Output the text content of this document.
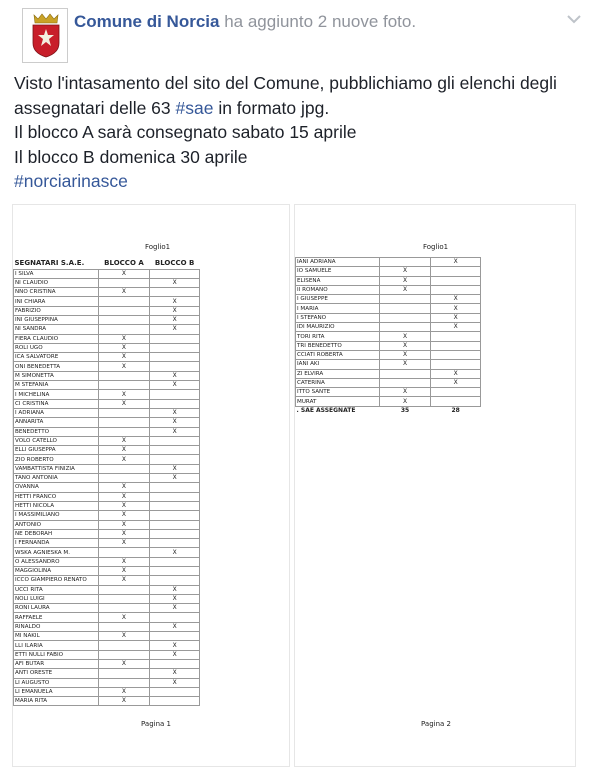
Comune di Norcia ha aggiunto 2 nuove foto.
Visto l'intasamento del sito del Comune, pubblichiamo gli elenchi degli
assegnatari delle 63 #sae in formato jpg.
Il blocco A sarà consegnato sabato 15 aprile
Il blocco B domenica 30 aprile
#norciarinasce
Foglio1
SEGNATARI S.A.E.	BLOCCO A	BLOCCO B
I SILVA	X	
NI CLAUDIO		X
NNO CRISTINA	X	
INI CHIARA		X
FABRIZIO		X
INI GIUSEPPINA		X
NI SANDRA		X
FIERA CLAUDIO	X	
ROLI UGO	X	
ICA SALVATORE	X	
ONI BENEDETTA	X	
M SIMONETTA		X
M STEFANIA		X
I MICHELINA	X	
CI CRISTINA	X	
I ADRIANA		X
ANNARITA		X
BENEDETTO		X
VOLO CATELLO	X	
ELLI GIUSEPPA	X	
ZIO ROBERTO	X	
VAMBATTISTA FINIZIA		X
TANO ANTONIA		X
OVANNA	X	
HETTI FRANCO	X	
HETTI NICOLA	X	
I MASSIMILIANO	X	
ANTONIO	X	
NE DEBORAH	X	
I FERNANDA	X	
WSKA AGNIESKA M.		X
O ALESSANDRO	X	
MAGGIOLINA	X	
ICCO GIAMPIERO RENATO	X	
UCCI RITA		X
NOLI LUIGI		X
RONI LAURA		X
RAFFAELE	X	
RINALDO		X
MI NAKIL	X	
LLI ILARIA		X
ETTI NULLI FABIO		X
AFI BUTAR	X	
ANTI ORESTE		X
LI AUGUSTO		X
LI EMANUELA	X	
MARIA RITA	X	
Pagina 1
Foglio1
IANI ADRIANA		X
IO SAMUELE	X	
ELISENA	X	
II ROMANO	X	
I GIUSEPPE		X
I MARIA		X
I STEFANO		X
IDI MAURIZIO		X
TORI RITA	X	
TRI BENEDETTO	X	
CCIATI ROBERTA	X	
IANI AKI	X	
ZI ELVIRA		X
CATERINA		X
ITTO SANTE	X	
MURAT	X	
. SAE ASSEGNATE	35	28
Pagina 2
